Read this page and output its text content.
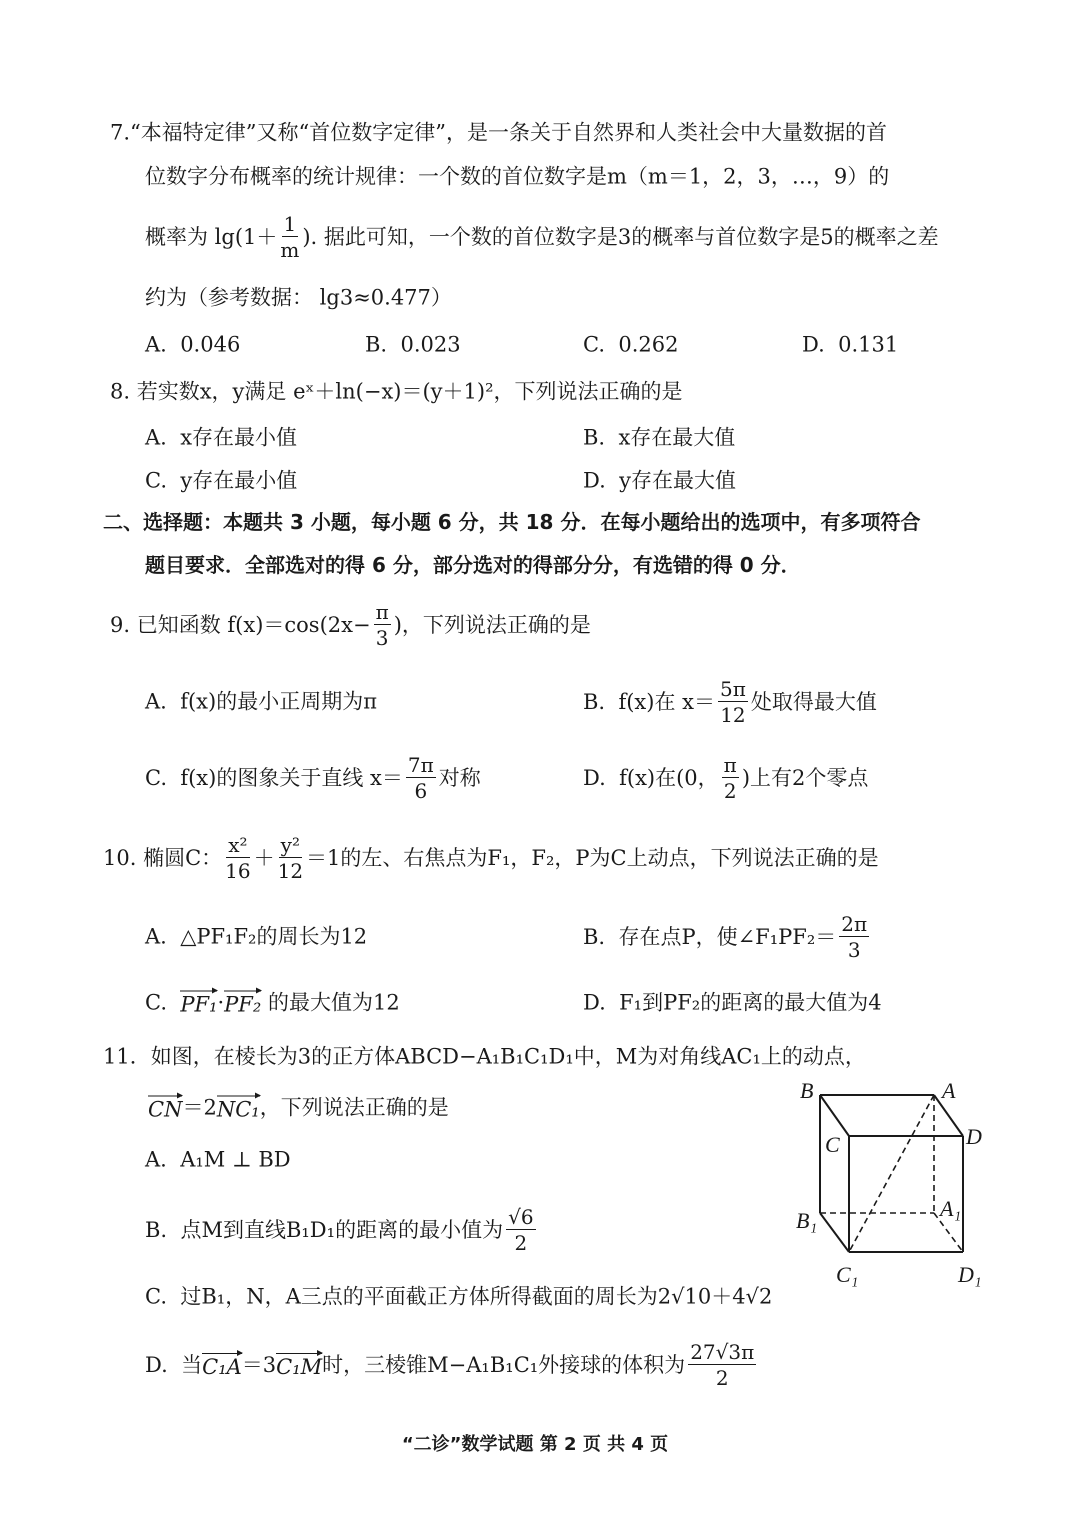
7.“本福特定律”又称“首位数字定律”，是一条关于自然界和人类社会中大量数据的首
位数字分布概率的统计规律：一个数的首位数字是m（m＝1，2，3，…，9）的
概率为 $\lg(1+ \frac{1}{m}$ ). 据此可知，一个数的首位数字是3的概率与首位数字是5的概率之差
约为（参考数据： lg3≈0.477）
A.  0.046	B.  0.023	C.  0.262	D.  0.131
8. 若实数x，y满足 eˣ＋ln(−x)＝(y＋1)²，下列说法正确的是
A.  x存在最小值	B.  x存在最大值
C.  y存在最小值	D.  y存在最大值
二、选择题：本题共 3 小题，每小题 6 分，共 18 分．在每小题给出的选项中，有多项符合
题目要求．全部选对的得 6 分，部分选对的得部分分，有选错的得 0 分．
9. 已知函数 $f(x)=\cos(2x- \frac{\pi}{3}$ )，下列说法正确的是
A.  f(x)的最小正周期为π	B.  f(x)在 $x= \frac{5\pi}{12}$ 处取得最大值
C.  f(x)的图象关于直线 $x= \frac{7\pi}{6}$ 对称	D.  f(x)在(0， $\frac{\pi}{2}$ )上有2个零点
10. 椭圆C： $\frac{\text{x²}}{16} + \frac{\text{y²}}{12} =1$的左、右焦点为F₁，F₂，P为C上动点，下列说法正确的是
A.  △PF₁F₂的周长为12	B.  存在点P，使∠F₁PF₂＝ $\frac{2\pi}{3}$
C. PF₁ · PF₂ 的最大值为12	D.  F₁到PF₂的距离的最大值为4
11．如图，在棱长为3的正方体ABCD−A₁B₁C₁D₁中，M为对角线AC₁上的动点，
CN ＝2 NC₁ ，下列说法正确的是
A.  A₁M ⊥ BD
B.  点M到直线B₁D₁的距离的最小值为 $\frac{√6}{2}$
C.  过B₁，N，A三点的平面截正方体所得截面的周长为2√10＋4√2
D.  当 C₁A ＝3 C₁M 时，三棱锥M−A₁B₁C₁外接球的体积为 $\frac{27√3\pi}{2}$
B	A
C	D
B₁	A₁
C₁	D₁
“二诊”数学试题 第 2 页 共 4 页
